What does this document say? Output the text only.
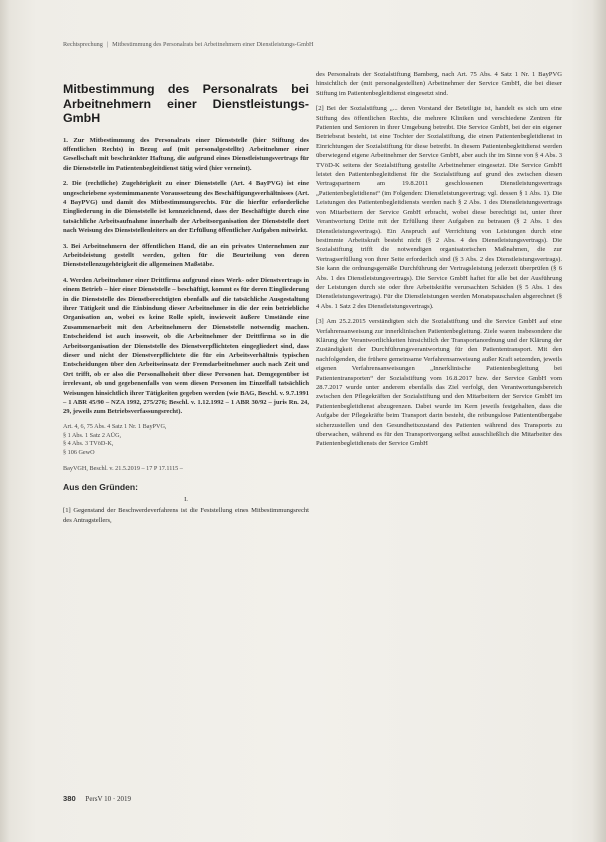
Rechtsprechung | Mitbestimmung des Personalrats bei Arbeitnehmern einer Dienstleistungs-GmbH
Mitbestimmung des Personalrats bei Arbeitnehmern einer Dienstleistungs-GmbH

1. Zur Mitbestimmung des Personalrats einer Dienststelle (hier Stiftung des öffentlichen Rechts) in Bezug auf (mit personalgestellte) Arbeitnehmer einer Gesellschaft mit beschränkter Haftung, die aufgrund eines Dienstleistungsvertrags für die Dienststelle im Patientenbegleitdienst tätig wird (hier verneint).

2. Die (rechtliche) Zugehörigkeit zu einer Dienststelle (Art. 4 BayPVG) ist eine ungeschriebene systemimmanente Voraussetzung des Beschäftigungsverhältnisses (Art. 4 BayPVG) und damit des Mitbestimmungsrechts. Für die hierfür erforderliche Eingliederung in die Dienststelle ist kennzeichnend, dass der Beschäftigte durch eine tatsächliche Arbeitsaufnahme innerhalb der Arbeitsorganisation der Dienststelle dort nach Weisung des Dienststellenleiters an der Erfüllung öffentlicher Aufgaben mitwirkt.

3. Bei Arbeitnehmern der öffentlichen Hand, die an ein privates Unternehmen zur Arbeitsleistung gestellt werden, gelten für die Beurteilung von deren Dienststellenzugehörigkeit die allgemeinen Maßstäbe.

4. Werden Arbeitnehmer einer Drittfirma aufgrund eines Werk- oder Dienstvertrags in einem Betrieb – hier einer Dienststelle – beschäftigt, kommt es für deren Eingliederung in die Dienststelle des Dienstberechtigten ebenfalls auf die tatsächliche Ausgestaltung ihrer Tätigkeit und die Einbindung dieser Arbeitnehmer in die der rein betriebliche Organisation an, wobei es keine Rolle spielt, inwieweit äußere Umstände eine Zusammenarbeit mit den Arbeitnehmern der Dienststelle notwendig machen. Entscheidend ist auch insoweit, ob die Arbeitnehmer der Drittfirma so in die Arbeitsorganisation der Dienststelle des Dienstverpflichteten eingegliedert sind, dass dieser und nicht der Dienstverpflichtete die für ein Arbeitsverhältnis typischen Entscheidungen über den Arbeitseinsatz der Fremdarbeitnehmer auch nach Zeit und Ort trifft, ob er also die Personalhoheit über diese Personen hat. Demgegenüber ist irrelevant, ob und gegebenenfalls von wem diesen Personen im Einzelfall tatsächlich Weisungen hinsichtlich ihrer Tätigkeiten gegeben werden (wie BAG, Beschl. v. 9.7.1991 – 1 ABR 45/90 – NZA 1992, 275/276; Beschl. v. 1.12.1992 – 1 ABR 30/92 – juris Rn. 24, 29, jeweils zum Betriebsverfassungsrecht).

Art. 4, 6, 75 Abs. 4 Satz 1 Nr. 1 BayPVG,
§ 1 Abs. 1 Satz 2 AÜG,
§ 4 Abs. 3 TVöD-K,
§ 106 GewO
BayVGH, Beschl. v. 21.5.2019 – 17 P 17.1115 –
Aus den Gründen:
I.

[1] Gegenstand der Beschwerdeverfahrens ist die Feststellung eines Mitbestimmungsrecht des Antragstellers,

des Personalrats der Sozialstiftung Bamberg, nach Art. 75 Abs. 4 Satz 1 Nr. 1 BayPVG hinsichtlich der (mit personalgestellten) Arbeitnehmer der Service GmbH, die bei dieser Stiftung im Patientenbegleitdienst eingesetzt sind.

[2] Bei der Sozialstiftung „... deren Vorstand der Beteiligte ist, handelt es sich um eine Stiftung des öffentlichen Rechts, die mehrere Kliniken und verschiedene Zentren für Patienten und Senioren in ihrer Umgebung betreibt. Die Service GmbH, bei der ein eigener Betriebsrat besteht, ist eine Tochter der Sozialstiftung, die einen Patientenbegleitdienst in Einrichtungen der Sozialstiftung für diese betreibt. In diesem Patientenbegleitdienst werden überwiegend eigene Arbeitnehmer der Service GmbH, aber auch ihr im Sinne von § 4 Abs. 3 TVöD-K seitens der Sozialstiftung gestellte Arbeitnehmer eingesetzt. Die Service GmbH leistet den Patientenbegleitdienst für die Sozialstiftung auf grund des zwischen diesen Vertragspartnern am 19.8.2011 geschlossenen Dienstleistungsvertrags „Patientenbegleitdienst“ (im Folgenden: Dienstleistungsvertrag; vgl. dessen § 1 Abs. 1). Die Leistungen des Patientenbegleitdiensts werden nach § 2 Abs. 1 des Dienstleistungsvertrags von Mitarbeitern der Service GmbH erbracht, wobei diese berechtigt ist, unter ihrer Verantwortung Dritte mit der Erfüllung ihrer Aufgaben zu betrauen (§ 2 Abs. 1 des Dienstleistungsvertrags). Ein Anspruch auf Verrichtung von Leistungen durch eine bestimmte Arbeitskraft besteht nicht (§ 2 Abs. 4 des Dienstleistungsvertrags). Die Sozialstiftung trifft die notwendigen organisatorischen Maßnahmen, die zur Vertragserfüllung von ihrer Seite erforderlich sind (§ 3 Abs. 2 des Dienstleistungsvertrags). Sie kann die ordnungsgemäße Durchführung der Vertragsleistung jederzeit überprüfen (§ 6 Abs. 1 des Dienstleistungsvertrags). Die Service GmbH haftet für alle bei der Ausführung der Leistungen durch sie oder ihre Arbeitskräfte verursachten Schäden (§ 5 Abs. 1 des Dienstleistungsvertrags). Für die Dienstleistungen werden Monatspauschalen abgerechnet (§ 4 Abs. 1 Satz 2 des Dienstleistungsvertrags).

[3] Am 25.2.2015 verständigten sich die Sozialstiftung und die Service GmbH auf eine Verfahrensanweisung zur innerklinischen Patientenbegleitung. Ziele waren insbesondere die Klärung der Verantwortlichkeiten hinsichtlich der Transportanordnung und der Klärung der Zuständigkeit der Durchführungsverantwortung für den Patiententransport. Mit den nachfolgenden, die frühere gemeinsame Verfahrensanweisung außer Kraft setzenden, jeweils eigenen Verfahrensanweisungen „Innerklinische Patientenbegleitung bei Patiententransporten“ der Sozialstiftung vom 16.8.2017 bzw. der Service GmbH vom 28.7.2017 wurde unter anderem ebenfalls das Ziel verfolgt, den Verantwortungsbereich zwischen den Pflegekräften der Sozialstiftung und den Mitarbeitern der Service GmbH im Patientenbegleitdienst abzugrenzen. Dabei wurde im Kern jeweils festgehalten, dass die Aufgabe der Pflegekräfte beim Transport darin besteht, die reibungslose Patientenübergabe sicherzustellen und den Gesundheitszustand des Patienten während des Transports zu überwachen, während es für den Transportvorgang selbst ausschließlich die Mitarbeiter des Patientenbegleitdiensts der Service GmbH

380 PersV 10 · 2019
